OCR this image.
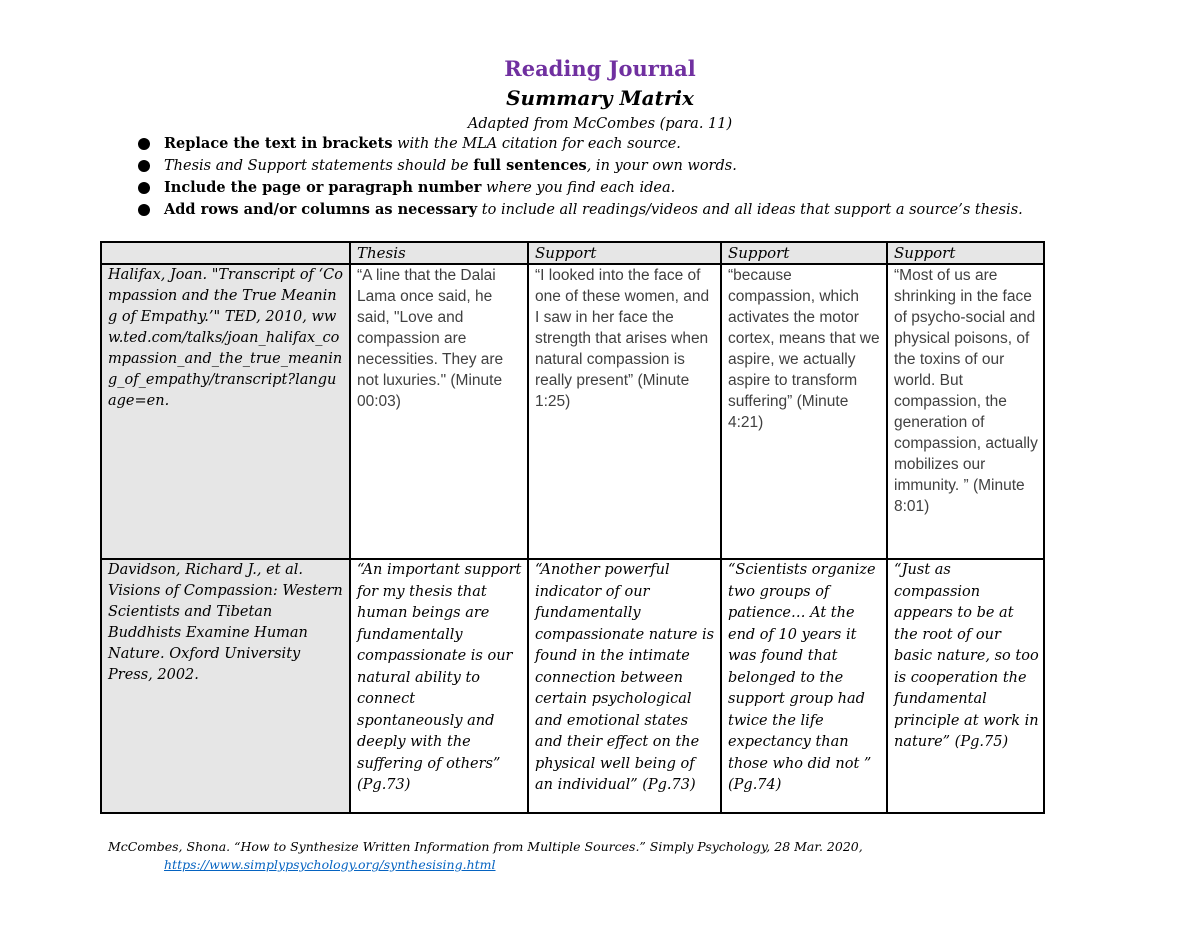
Reading Journal
Summary Matrix
Adapted from McCombes (para. 11)
Replace the text in brackets with the MLA citation for each source.
Thesis and Support statements should be full sentences, in your own words.
Include the page or paragraph number where you find each idea.
Add rows and/or columns as necessary to include all readings/videos and all ideas that support a source’s thesis.
	Thesis	Support	Support	Support
Halifax, Joan. "Transcript of ‘Compassion and the True Meaning of Empathy.’" TED, 2010, www.ted.com/talks/joan_halifax_compassion_and_the_true_meaning_of_empathy/transcript?language=en.	“A line that the Dalai Lama once said, he said, "Love and compassion are necessities. They are not luxuries." (Minute 00:03)	“I looked into the face of one of these women, and I saw in her face the strength that arises when natural compassion is really present” (Minute 1:25)	“because compassion, which activates the motor cortex, means that we aspire, we actually aspire to transform suffering” (Minute 4:21)	“Most of us are shrinking in the face of psycho-social and physical poisons, of the toxins of our world. But compassion, the generation of compassion, actually mobilizes our immunity. ” (Minute 8:01)
Davidson, Richard J., et al. Visions of Compassion: Western Scientists and Tibetan Buddhists Examine Human Nature. Oxford University Press, 2002.	“An important support for my thesis that human beings are fundamentally compassionate is our natural ability to connect spontaneously and deeply with the suffering of others” (Pg.73)	“Another powerful indicator of our fundamentally compassionate nature is found in the intimate connection between certain psychological and emotional states and their effect on the physical well being of an individual” (Pg.73)	“Scientists organize two groups of patience… At the end of 10 years it was found that belonged to the support group had twice the life expectancy than those who did not ” (Pg.74)	“Just as compassion appears to be at the root of our basic nature, so too is cooperation the fundamental principle at work in nature” (Pg.75)
McCombes, Shona. “How to Synthesize Written Information from Multiple Sources.” Simply Psychology, 28 Mar. 2020,
https://www.simplypsychology.org/synthesising.html
